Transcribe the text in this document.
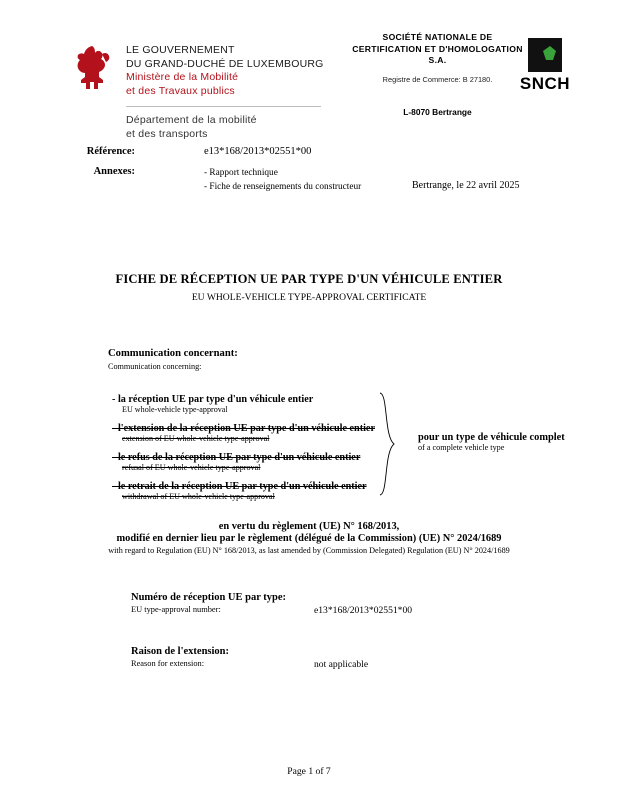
LE GOUVERNEMENT
DU GRAND-DUCHÉ DE LUXEMBOURG
Ministère de la Mobilité
et des Travaux publics
Département de la mobilité
et des transports
SOCIÉTÉ NATIONALE DE
CERTIFICATION ET D'HOMOLOGATION
S.A.
Registre de Commerce: B 27180.
L-8070 Bertrange
SNCH
Référence:	e13*168/2013*02551*00
Annexes:	- Rapport technique
- Fiche de renseignements du constructeur	Bertrange, le 22 avril 2025
FICHE DE RÉCEPTION UE PAR TYPE D'UN VÉHICULE ENTIER
EU WHOLE-VEHICLE TYPE-APPROVAL CERTIFICATE
Communication concernant:
Communication concerning:
- la réception UE par type d'un véhicule entier
EU whole-vehicle type-approval
- l'extension de la réception UE par type d'un véhicule entier
extension of EU whole-vehicle type-approval
- le refus de la réception UE par type d'un véhicule entier
refusal of EU whole-vehicle type-approval
- le retrait de la réception UE par type d'un véhicule entier
withdrawal of EU whole-vehicle type-approval
pour un type de véhicule complet
of a complete vehicle type
en vertu du règlement (UE) N° 168/2013,
modifié en dernier lieu par le règlement (délégué de la Commission) (UE) N° 2024/1689
with regard to Regulation (EU) N° 168/2013, as last amended by (Commission Delegated) Regulation (EU) N° 2024/1689
Numéro de réception UE par type:
EU type-approval number:	e13*168/2013*02551*00
Raison de l'extension:
Reason for extension:	not applicable
Page 1 of 7
